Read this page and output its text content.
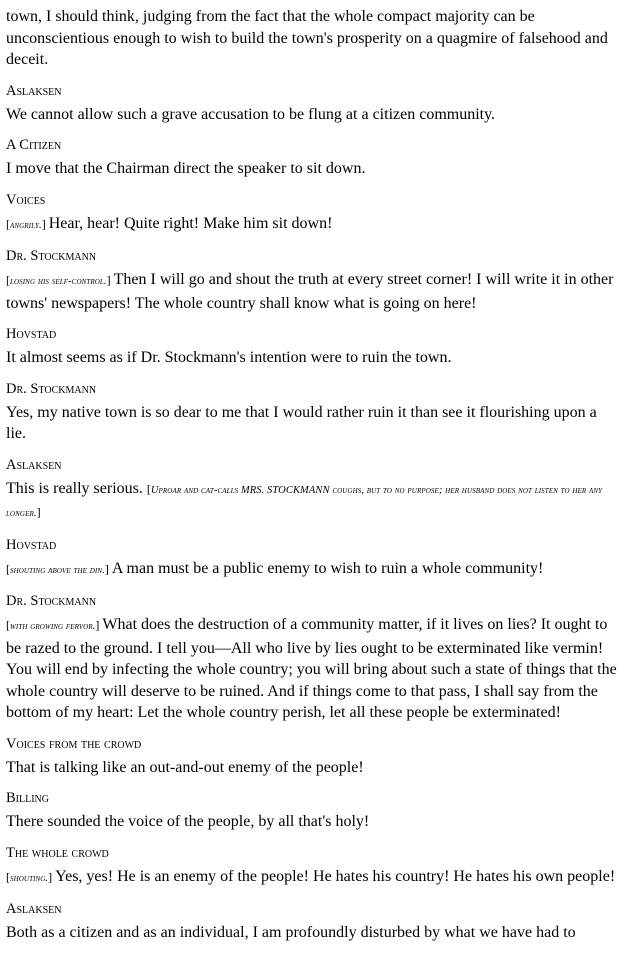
town, I should think, judging from the fact that the whole compact majority can be unconscientious enough to wish to build the town's prosperity on a quagmire of falsehood and deceit.

Aslaksen

We cannot allow such a grave accusation to be flung at a citizen community.

A Citizen

I move that the Chairman direct the speaker to sit down.

Voices

[angrily.] Hear, hear! Quite right! Make him sit down!

Dr. Stockmann

[losing his self-control.] Then I will go and shout the truth at every street corner! I will write it in other towns' newspapers! The whole country shall know what is going on here!

Hovstad

It almost seems as if Dr. Stockmann's intention were to ruin the town.

Dr. Stockmann

Yes, my native town is so dear to me that I would rather ruin it than see it flourishing upon a lie.

Aslaksen

This is really serious. [Uproar and cat-calls MRS. STOCKMANN coughs, but to no purpose; her husband does not listen to her any longer.]

Hovstad

[shouting above the din.] A man must be a public enemy to wish to ruin a whole community!

Dr. Stockmann

[with growing fervor.] What does the destruction of a community matter, if it lives on lies? It ought to be razed to the ground. I tell you—All who live by lies ought to be exterminated like vermin! You will end by infecting the whole country; you will bring about such a state of things that the whole country will deserve to be ruined. And if things come to that pass, I shall say from the bottom of my heart: Let the whole country perish, let all these people be exterminated!

Voices from the crowd

That is talking like an out-and-out enemy of the people!

Billing

There sounded the voice of the people, by all that's holy!

The whole crowd

[shouting.] Yes, yes! He is an enemy of the people! He hates his country! He hates his own people!

Aslaksen

Both as a citizen and as an individual, I am profoundly disturbed by what we have had to
